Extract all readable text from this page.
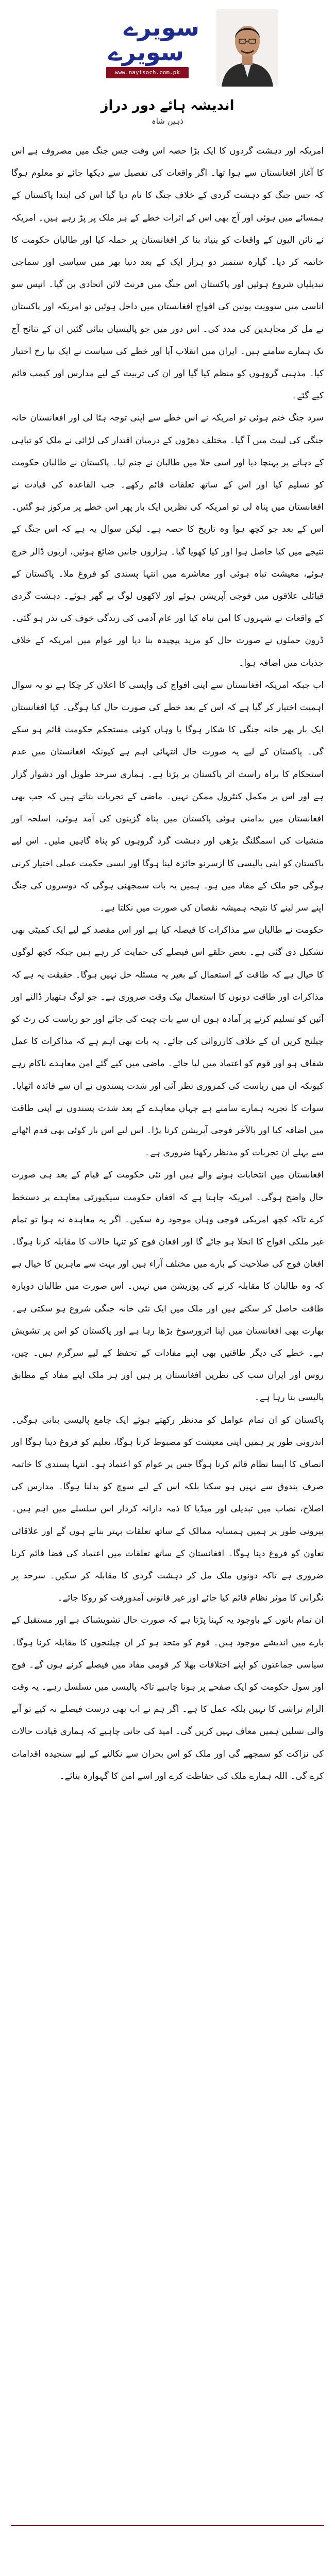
سویرے
سویرے
www.nayisoch.com.pk
اندیشہ ہائے دور دراز
ذہین شاہ

امریکہ اور دہشت گردوں کا ایک بڑا حصہ اس وقت جس جنگ میں مصروف ہے اس کا آغاز افغانستان سے ہوا تھا۔ اگر واقعات کی تفصیل سے دیکھا جائے تو معلوم ہوگا کہ جس جنگ کو دہشت گردی کے خلاف جنگ کا نام دیا گیا اس کی ابتدا پاکستان کے ہمسائے میں ہوئی اور آج بھی اس کے اثرات خطے کے ہر ملک پر پڑ رہے ہیں۔ امریکہ نے نائن الیون کے واقعات کو بنیاد بنا کر افغانستان پر حملہ کیا اور طالبان حکومت کا خاتمہ کر دیا۔ گیارہ ستمبر دو ہزار ایک کے بعد دنیا بھر میں سیاسی اور سماجی تبدیلیاں شروع ہوئیں اور پاکستان اس جنگ میں فرنٹ لائن اتحادی بن گیا۔ انیس سو اناسی میں سوویت یونین کی افواج افغانستان میں داخل ہوئیں تو امریکہ اور پاکستان نے مل کر مجاہدین کی مدد کی۔ اس دور میں جو پالیسیاں بنائی گئیں ان کے نتائج آج تک ہمارے سامنے ہیں۔ ایران میں انقلاب آیا اور خطے کی سیاست نے ایک نیا رخ اختیار کیا۔ مذہبی گروہوں کو منظم کیا گیا اور ان کی تربیت کے لیے مدارس اور کیمپ قائم کیے گئے۔

سرد جنگ ختم ہوئی تو امریکہ نے اس خطے سے اپنی توجہ ہٹا لی اور افغانستان خانہ جنگی کی لپیٹ میں آ گیا۔ مختلف دھڑوں کے درمیان اقتدار کی لڑائی نے ملک کو تباہی کے دہانے پر پہنچا دیا اور اسی خلا میں طالبان نے جنم لیا۔ پاکستان نے طالبان حکومت کو تسلیم کیا اور اس کے ساتھ تعلقات قائم رکھے۔ جب القاعدہ کی قیادت نے افغانستان میں پناہ لی تو امریکہ کی نظریں ایک بار پھر اس خطے پر مرکوز ہو گئیں۔ اس کے بعد جو کچھ ہوا وہ تاریخ کا حصہ ہے۔ لیکن سوال یہ ہے کہ اس جنگ کے نتیجے میں کیا حاصل ہوا اور کیا کھویا گیا۔ ہزاروں جانیں ضائع ہوئیں، اربوں ڈالر خرچ ہوئے، معیشت تباہ ہوئی اور معاشرے میں انتہا پسندی کو فروغ ملا۔ پاکستان کے قبائلی علاقوں میں فوجی آپریشن ہوئے اور لاکھوں لوگ بے گھر ہوئے۔ دہشت گردی کے واقعات نے شہروں کا امن تباہ کیا اور عام آدمی کی زندگی خوف کی نذر ہو گئی۔ ڈرون حملوں نے صورت حال کو مزید پیچیدہ بنا دیا اور عوام میں امریکہ کے خلاف جذبات میں اضافہ ہوا۔

اب جبکہ امریکہ افغانستان سے اپنی افواج کی واپسی کا اعلان کر چکا ہے تو یہ سوال اہمیت اختیار کر گیا ہے کہ اس کے بعد خطے کی صورت حال کیا ہوگی۔ کیا افغانستان ایک بار پھر خانہ جنگی کا شکار ہوگا یا وہاں کوئی مستحکم حکومت قائم ہو سکے گی۔ پاکستان کے لیے یہ صورت حال انتہائی اہم ہے کیونکہ افغانستان میں عدم استحکام کا براہ راست اثر پاکستان پر پڑتا ہے۔ ہماری سرحد طویل اور دشوار گزار ہے اور اس پر مکمل کنٹرول ممکن نہیں۔ ماضی کے تجربات بتاتے ہیں کہ جب بھی افغانستان میں بدامنی ہوئی پاکستان میں پناہ گزینوں کی آمد ہوئی، اسلحہ اور منشیات کی اسمگلنگ بڑھی اور دہشت گرد گروہوں کو پناہ گاہیں ملیں۔ اس لیے پاکستان کو اپنی پالیسی کا ازسرنو جائزہ لینا ہوگا اور ایسی حکمت عملی اختیار کرنی ہوگی جو ملک کے مفاد میں ہو۔ ہمیں یہ بات سمجھنی ہوگی کہ دوسروں کی جنگ اپنے سر لینے کا نتیجہ ہمیشہ نقصان کی صورت میں نکلتا ہے۔

حکومت نے طالبان سے مذاکرات کا فیصلہ کیا ہے اور اس مقصد کے لیے ایک کمیٹی بھی تشکیل دی گئی ہے۔ بعض حلقے اس فیصلے کی حمایت کر رہے ہیں جبکہ کچھ لوگوں کا خیال ہے کہ طاقت کے استعمال کے بغیر یہ مسئلہ حل نہیں ہوگا۔ حقیقت یہ ہے کہ مذاکرات اور طاقت دونوں کا استعمال بیک وقت ضروری ہے۔ جو لوگ ہتھیار ڈالنے اور آئین کو تسلیم کرنے پر آمادہ ہوں ان سے بات چیت کی جائے اور جو ریاست کی رٹ کو چیلنج کریں ان کے خلاف کارروائی کی جائے۔ یہ بات بھی اہم ہے کہ مذاکرات کا عمل شفاف ہو اور قوم کو اعتماد میں لیا جائے۔ ماضی میں کیے گئے امن معاہدے ناکام رہے کیونکہ ان میں ریاست کی کمزوری نظر آئی اور شدت پسندوں نے ان سے فائدہ اٹھایا۔ سوات کا تجربہ ہمارے سامنے ہے جہاں معاہدے کے بعد شدت پسندوں نے اپنی طاقت میں اضافہ کیا اور بالآخر فوجی آپریشن کرنا پڑا۔ اس لیے اس بار کوئی بھی قدم اٹھانے سے پہلے ان تجربات کو مدنظر رکھنا ضروری ہے۔

افغانستان میں انتخابات ہونے والے ہیں اور نئی حکومت کے قیام کے بعد ہی صورت حال واضح ہوگی۔ امریکہ چاہتا ہے کہ افغان حکومت سیکیورٹی معاہدے پر دستخط کرے تاکہ کچھ امریکی فوجی وہاں موجود رہ سکیں۔ اگر یہ معاہدہ نہ ہوا تو تمام غیر ملکی افواج کا انخلا ہو جائے گا اور افغان فوج کو تنہا حالات کا مقابلہ کرنا ہوگا۔ افغان فوج کی صلاحیت کے بارے میں مختلف آراء ہیں اور بہت سے ماہرین کا خیال ہے کہ وہ طالبان کا مقابلہ کرنے کی پوزیشن میں نہیں۔ اس صورت میں طالبان دوبارہ طاقت حاصل کر سکتے ہیں اور ملک میں ایک نئی خانہ جنگی شروع ہو سکتی ہے۔ بھارت بھی افغانستان میں اپنا اثرورسوخ بڑھا رہا ہے اور پاکستان کو اس پر تشویش ہے۔ خطے کی دیگر طاقتیں بھی اپنے مفادات کے تحفظ کے لیے سرگرم ہیں۔ چین، روس اور ایران سب کی نظریں افغانستان پر ہیں اور ہر ملک اپنے مفاد کے مطابق پالیسی بنا رہا ہے۔

پاکستان کو ان تمام عوامل کو مدنظر رکھتے ہوئے ایک جامع پالیسی بنانی ہوگی۔ اندرونی طور پر ہمیں اپنی معیشت کو مضبوط کرنا ہوگا، تعلیم کو فروغ دینا ہوگا اور انصاف کا ایسا نظام قائم کرنا ہوگا جس پر عوام کو اعتماد ہو۔ انتہا پسندی کا خاتمہ صرف بندوق سے نہیں ہو سکتا بلکہ اس کے لیے سوچ کو بدلنا ہوگا۔ مدارس کی اصلاح، نصاب میں تبدیلی اور میڈیا کا ذمہ دارانہ کردار اس سلسلے میں اہم ہیں۔ بیرونی طور پر ہمیں ہمسایہ ممالک کے ساتھ تعلقات بہتر بنانے ہوں گے اور علاقائی تعاون کو فروغ دینا ہوگا۔ افغانستان کے ساتھ تعلقات میں اعتماد کی فضا قائم کرنا ضروری ہے تاکہ دونوں ملک مل کر دہشت گردی کا مقابلہ کر سکیں۔ سرحد پر نگرانی کا موثر نظام قائم کیا جائے اور غیر قانونی آمدورفت کو روکا جائے۔

ان تمام باتوں کے باوجود یہ کہنا پڑتا ہے کہ صورت حال تشویشناک ہے اور مستقبل کے بارے میں اندیشے موجود ہیں۔ قوم کو متحد ہو کر ان چیلنجوں کا مقابلہ کرنا ہوگا۔ سیاسی جماعتوں کو اپنے اختلافات بھلا کر قومی مفاد میں فیصلے کرنے ہوں گے۔ فوج اور سول حکومت کو ایک صفحے پر ہونا چاہیے تاکہ پالیسی میں تسلسل رہے۔ یہ وقت الزام تراشی کا نہیں بلکہ عمل کا ہے۔ اگر ہم نے اب بھی درست فیصلے نہ کیے تو آنے والی نسلیں ہمیں معاف نہیں کریں گی۔ امید کی جانی چاہیے کہ ہماری قیادت حالات کی نزاکت کو سمجھے گی اور ملک کو اس بحران سے نکالنے کے لیے سنجیدہ اقدامات کرے گی۔ اللہ ہمارے ملک کی حفاظت کرے اور اسے امن کا گہوارہ بنائے۔
